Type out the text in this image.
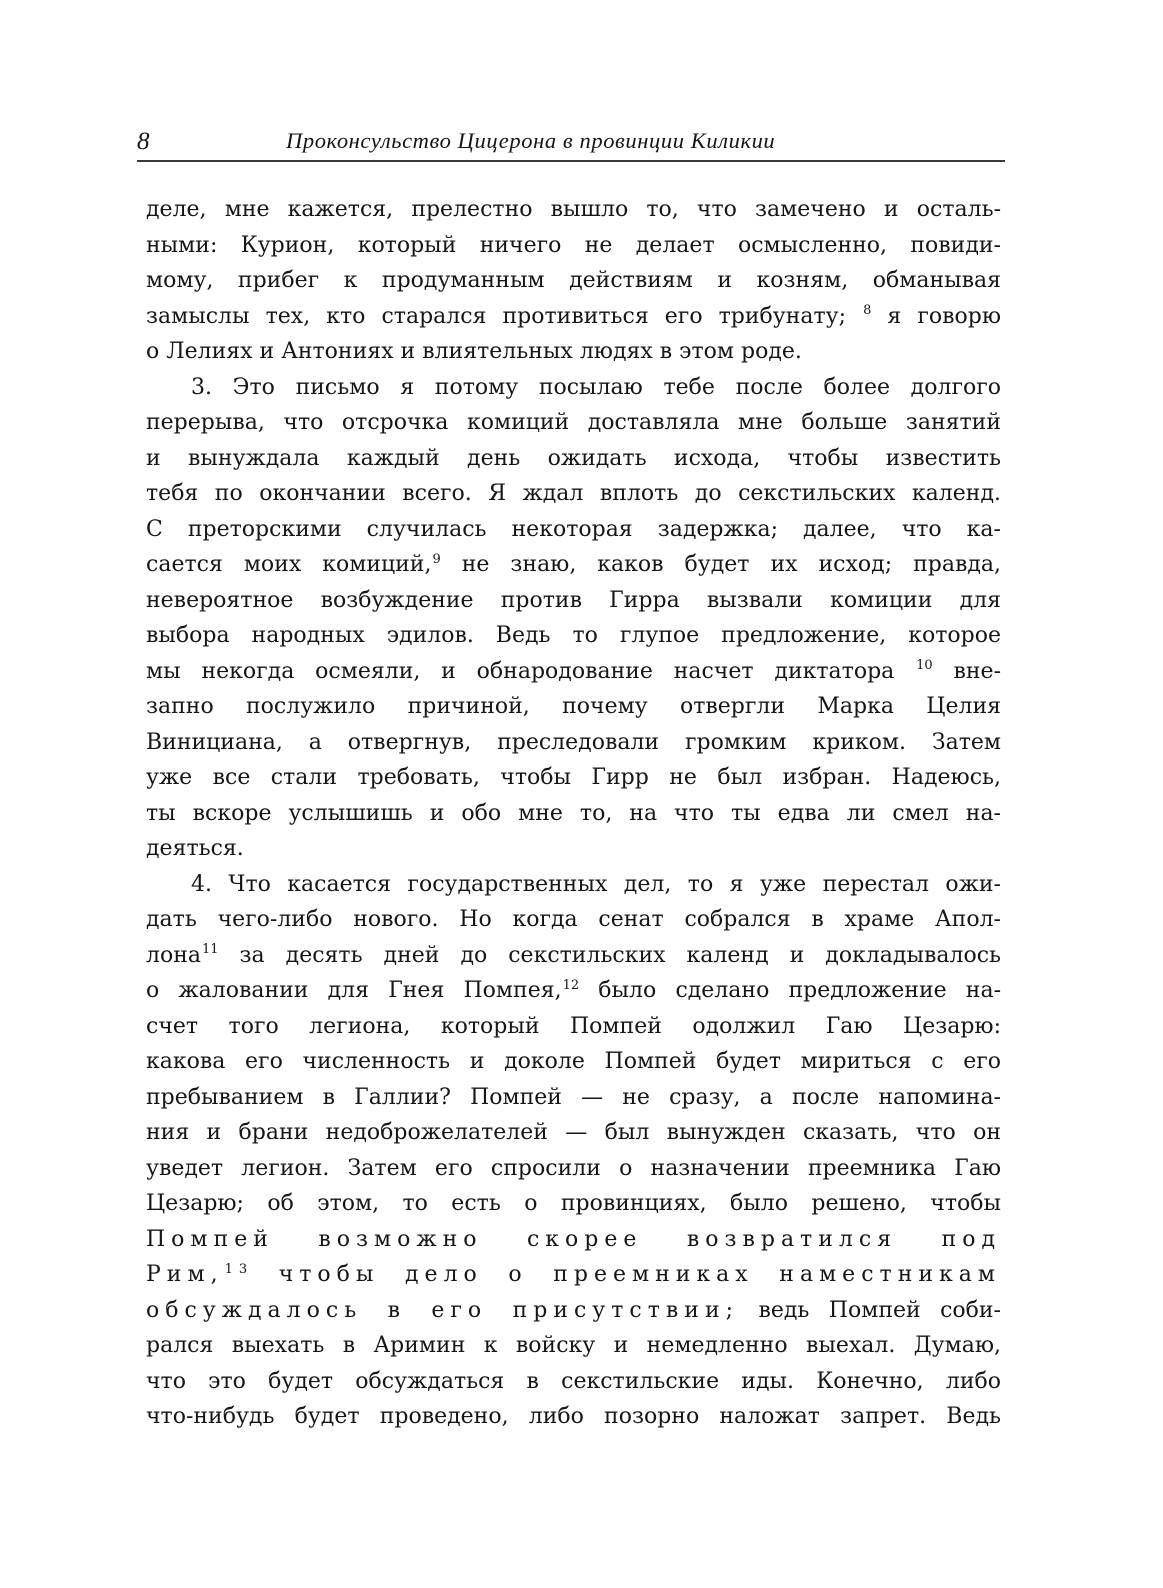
8	Проконсульство Цицерона в провинции Киликии
деле, мне кажется, прелестно вышло то, что замечено и осталь-
ными: Курион, который ничего не делает осмысленно, повиди-
мому, прибег к продуманным действиям и козням, обманывая
замыслы тех, кто старался противиться его трибунату; $^8$ я говорю
о Лелиях и Антониях и влиятельных людях в этом роде.
3. Это письмо я потому посылаю тебе после более долгого
перерыва, что отсрочка комиций доставляла мне больше занятий
и вынуждала каждый день ожидать исхода, чтобы известить
тебя по окончании всего. Я ждал вплоть до секстильских календ.
С преторскими случилась некоторая задержка; далее, что ка-
сается моих комиций,$^9$ не знаю, каков будет их исход; правда,
невероятное возбуждение против Гирра вызвали комиции для
выбора народных эдилов. Ведь то глупое предложение, которое
мы некогда осмеяли, и обнародование насчет диктатора $^{10}$ вне-
запно послужило причиной, почему отвергли Марка Целия
Винициана, а отвергнув, преследовали громким криком. Затем
уже все стали требовать, чтобы Гирр не был избран. Надеюсь,
ты вскоре услышишь и обо мне то, на что ты едва ли смел на-
деяться.
4. Что касается государственных дел, то я уже перестал ожи-
дать чего-либо нового. Но когда сенат собрался в храме Апол-
лона$^{11}$ за десять дней до секстильских календ и докладывалось
о жаловании для Гнея Помпея,$^{12}$ было сделано предложение на-
счет того легиона, который Помпей одолжил Гаю Цезарю:
какова его численность и доколе Помпей будет мириться с его
пребыванием в Галлии? Помпей — не сразу, а после напомина-
ния и брани недоброжелателей — был вынужден сказать, что он
уведет легион. Затем его спросили о назначении преемника Гаю
Цезарю; об этом, то есть о провинциях, было решено, чтобы
Помпей возможно скорее возвратился под
Рим,$^{13}$ чтобы дело о преемниках наместникам
обсуждалось в его присутствии; ведь Помпей соби-
рался выехать в Аримин к войску и немедленно выехал. Думаю,
что это будет обсуждаться в секстильские иды. Конечно, либо
что-нибудь будет проведено, либо позорно наложат запрет. Ведь
